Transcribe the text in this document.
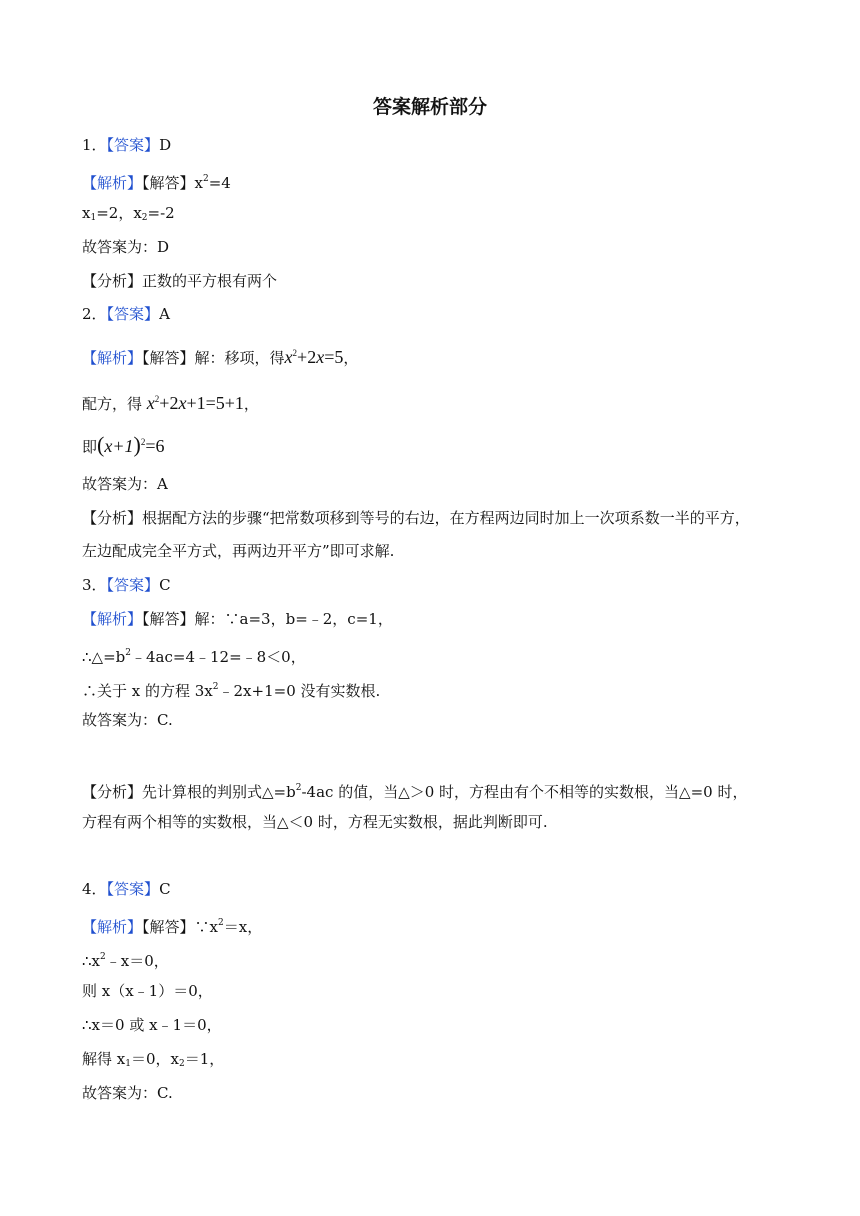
答案解析部分
1．【答案】D
【解析】【解答】$x^2=4$
$x_1=2$，$x_2=-2$
故答案为：D
【分析】正数的平方根有两个
2．【答案】A
【解析】【解答】解：移项，得$x^2+2x=5$，
配方，得 $x^2+2x+1=5+1$，
即$(x+1)^2=6$
故答案为：A
【分析】根据配方法的步骤“把常数项移到等号的右边，在方程两边同时加上一次项系数一半的平方，
左边配成完全平方式，再两边开平方”即可求解.
3．【答案】C
【解析】【解答】解：∵a=3，b=﹣2，c=1，
$\therefore\triangle=b^2﹣4ac=4﹣12=﹣8<0$，
∴关于 x 的方程 $3x^2﹣2x+1=0$ 没有实数根.
故答案为：C.
【分析】先计算根的判别式$\triangle=b^2-4ac$ 的值，当△＞0 时，方程由有个不相等的实数根，当△=0 时，
方程有两个相等的实数根，当△＜0 时，方程无实数根，据此判断即可.
4．【答案】C
【解析】【解答】$\because x^2=x$，
$\therefore x^2﹣x=0$，
则 x（x﹣1）＝0，
∴x＝0 或 x﹣1＝0，
解得 $x_1=0$，$x_2=1$，
故答案为：C.
